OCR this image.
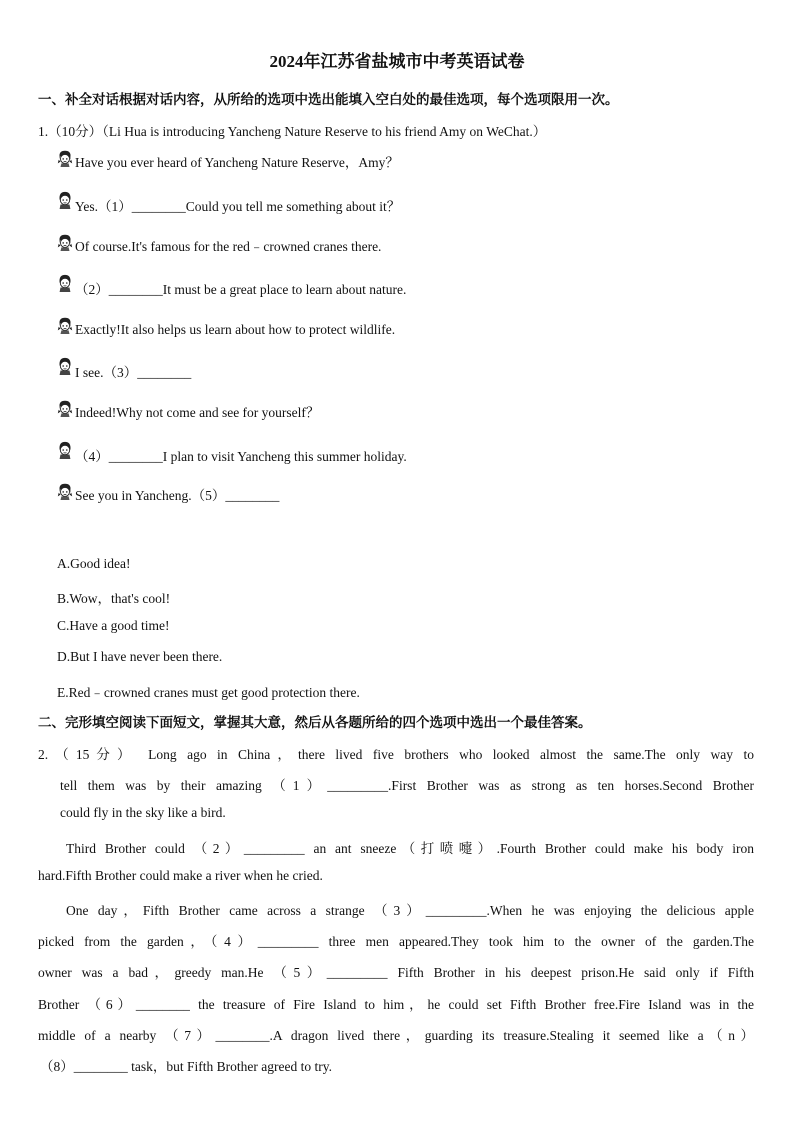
2024年江苏省盐城市中考英语试卷
一、补全对话根据对话内容，从所给的选项中选出能填入空白处的最佳选项，每个选项限用一次。
1.（10分）（Li Hua is introducing Yancheng Nature Reserve to his friend Amy on WeChat.）
Have you ever heard of Yancheng Nature Reserve，Amy？
Yes.（1）________Could you tell me something about it？
Of course.It's famous for the red﹣crowned cranes there.
（2）________It must be a great place to learn about nature.
Exactly!It also helps us learn about how to protect wildlife.
I see.（3）________
Indeed!Why not come and see for yourself？
（4）________I plan to visit Yancheng this summer holiday.
See you in Yancheng.（5）________
A.Good idea!
B.Wow，that's cool!
C.Have a good time!
D.But I have never been there.
E.Red﹣crowned cranes must get good protection there.
二、完形填空阅读下面短文，掌握其大意，然后从各题所给的四个选项中选出一个最佳答案。
2.（15分） Long ago in China，there lived five brothers who looked almost the same.The only way to
tell them was by their amazing （1）_________.First Brother was as strong as ten horses.Second Brother
could fly in the sky like a bird.
Third Brother could （2）_________ an ant sneeze（打喷嚏）.Fourth Brother could make his body iron
hard.Fifth Brother could make a river when he cried.
One day，Fifth Brother came across a strange （3）_________.When he was enjoying the delicious apple
picked from the garden，（4）_________ three men appeared.They took him to the owner of the garden.The
owner was a bad，greedy man.He （5）_________ Fifth Brother in his deepest prison.He said only if Fifth
Brother （6）________ the treasure of Fire Island to him，he could set Fifth Brother free.Fire Island was in the
middle of a nearby （7）________.A dragon lived there，guarding its treasure.Stealing it seemed like a（n）
（8）________ task，but Fifth Brother agreed to try.
